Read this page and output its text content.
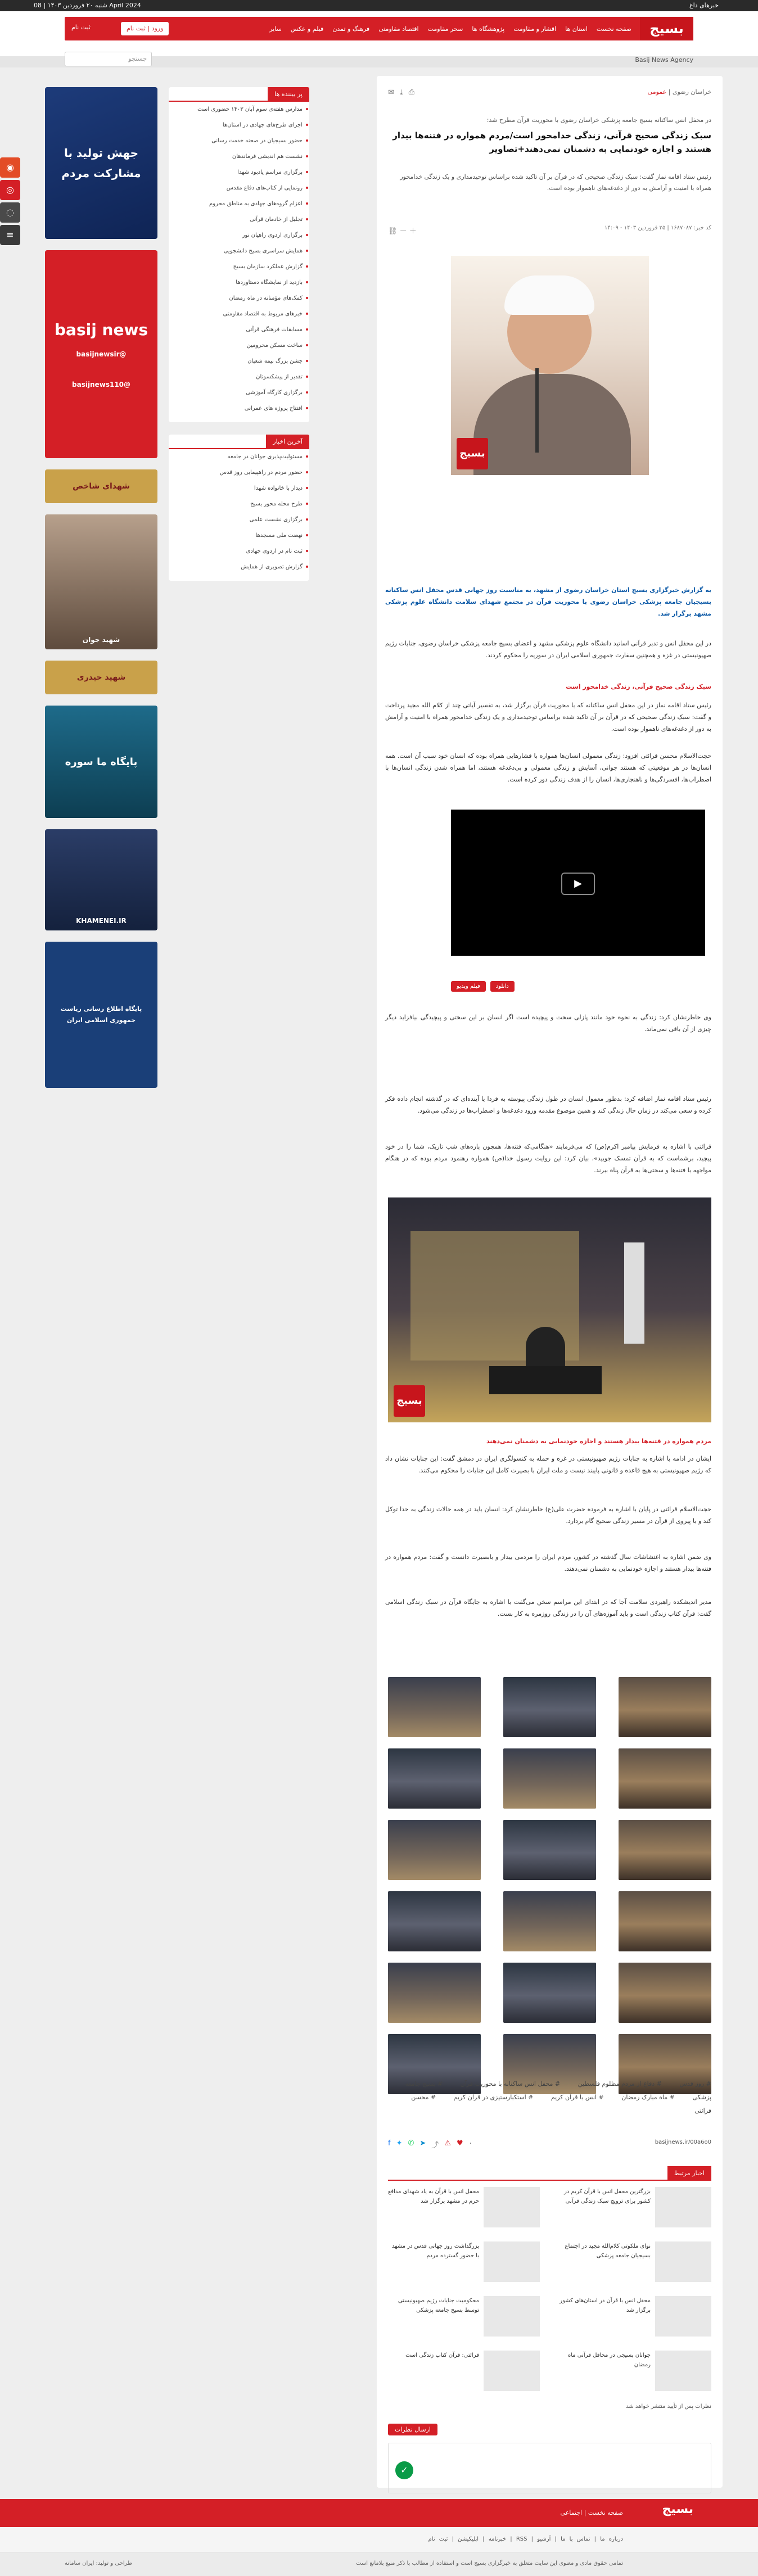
خبرهای داغ
شنبه ۲۰ فروردین ۱۴۰۳ | 08 April 2024
بسیج
صفحه نخست
استان ها
اقشار و مقاومت
پژوهشگاه ها
سحر مقاومت
اقتصاد مقاومتی
فرهنگ و تمدن
فیلم و عکس
سایر
ورود | ثبت نام
ثبت نام
جستجو	Basij News Agency
◉
◎
◌
≡
جهش تولید با مشارکت مردم
basij news
@basijnewsir
@basijnews110
شهدای شاخص
شهید جوان
شهید حیدری
پایگاه ما سوره
KHAMENEI.IR
پایگاه اطلاع رسانی ریاست جمهوری اسلامی ایران
پر بیننده ها
مدارس هفته‌ی سوم آبان ۱۴۰۳ حضوری است
اجرای طرح‌های جهادی در استان‌ها
حضور بسیجیان در صحنه خدمت رسانی
نشست هم اندیشی فرماندهان
برگزاری مراسم یادبود شهدا
رونمایی از کتاب‌های دفاع مقدس
اعزام گروه‌های جهادی به مناطق محروم
تجلیل از خادمان قرآنی
برگزاری اردوی راهیان نور
همایش سراسری بسیج دانشجویی
گزارش عملکرد سازمان بسیج
بازدید از نمایشگاه دستاوردها
کمک‌های مؤمنانه در ماه رمضان
خبرهای مربوط به اقتصاد مقاومتی
مسابقات فرهنگی قرآنی
ساخت مسکن محرومین
جشن بزرگ نیمه شعبان
تقدیر از پیشکسوتان
برگزاری کارگاه آموزشی
افتتاح پروژه های عمرانی
آخرین اخبار
مسئولیت‌پذیری جوانان در جامعه
حضور مردم در راهپیمایی روز قدس
دیدار با خانواده شهدا
طرح محله محور بسیج
برگزاری نشست علمی
نهضت ملی مسجد‌ها
ثبت نام در اردوی جهادی
گزارش تصویری از همایش
خراسان رضوی | عمومی
⎙
⤓
✉
در محفل انس ساکنانه بسیج جامعه پزشکی خراسان رضوی با محوریت قرآن مطرح شد:
سبک زندگی صحیح قرآنی، زندگی خدامحور است/مردم همواره در فتنه‌ها بیدار هستند و اجازه خودنمایی به دشمنان نمی‌دهند+تصاویر
رئیس ستاد اقامه نماز گفت: سبک زندگی صحیحی که در قرآن بر آن تاکید شده براساس توحیدمداری و یک زندگی خدامحور همراه با امنیت و آرامش به دور از دغدغه‌های ناهموار بوده است.
کد خبر: ۱۶۸۷۰۸۷ | ۲۵ فروردین ۱۴۰۳ - ۱۴:۰۹
＋ － ⛓
بسیج
به گزارش خبرگزاری بسیج استان خراسان رضوی از مشهد، به مناسبت روز جهانی قدس محفل انس ساکنانه بسیجیان جامعه پزشکی خراسان رضوی با محوریت قرآن در مجتمع شهدای سلامت دانشگاه علوم پزشکی مشهد برگزار شد.
در این محفل انس و تدبر قرآنی اساتید دانشگاه علوم پزشکی مشهد و اعضای بسیج جامعه پزشکی خراسان رضوی، جنایات رژیم صهیونیستی در غزه و همچنین سفارت جمهوری اسلامی ایران در سوریه را محکوم کردند.
سبک زندگی صحیح قرآنی، زندگی خدامحور است
رئیس ستاد اقامه نماز در این محفل انس ساکنانه که با محوریت قرآن برگزار شد، به تفسیر آیاتی چند از کلام الله مجید پرداخت و گفت: سبک زندگی صحیحی که در قرآن بر آن تاکید شده براساس توحیدمداری و یک زندگی خدامحور همراه با امنیت و آرامش به دور از دغدغه‌های ناهموار بوده است.
حجت‌الاسلام محسن قرائتی افزود: زندگی معمولی انسان‌ها همواره با فشارهایی همراه بوده که انسان خود سبب آن است. همه انسان‌ها در هر موقعیتی که هستند جوانی، آسایش و زندگی معمولی و بی‌دغدغه هستند، اما همراه شدن زندگی انسان‌ها با اضطراب‌ها، افسردگی‌ها و ناهنجاری‌ها، انسان را از هدف زندگی دور کرده است.
▶
دانلود
فیلم ویدیو
وی خاطرنشان کرد: زندگی به نحوه خود مانند پازلی سخت و پیچیده است اگر انسان بر این سختی و پیچیدگی بیافزاید دیگر چیزی از آن باقی نمی‌ماند.
رئیس ستاد اقامه نماز اضافه کرد: بدطور معمول انسان در طول زندگی پیوسته به فردا یا آینده‌ای که در گذشته انجام داده فکر کرده و سعی می‌کند در زمان حال زندگی کند و همین موضوع مقدمه ورود دغدغه‌ها و اضطراب‌ها در زندگی می‌شود.
قرائتی با اشاره به فرمایش پیامبر اکرم(ص) که می‌فرمایند «هنگامی‌که فتنه‌ها، همچون پاره‌های شب تاریک، شما را در خود پیچید، برشماست که به قرآن تمسک جویید»، بیان کرد: این روایت رسول خدا(ص) همواره رهنمود مردم بوده که در هنگام مواجهه با فتنه‌ها و سختی‌ها به قرآن پناه ببرند.
بسیج
مردم همواره در فتنه‌ها بیدار هستند و اجازه خودنمایی به دشمنان نمی‌دهند
ایشان در ادامه با اشاره به جنایات رژیم صهیونیستی در غزه و حمله به کنسولگری ایران در دمشق گفت: این جنایات نشان داد که رژیم صهیونیستی به هیچ قاعده و قانونی پایبند نیست و ملت ایران با بصیرت کامل این جنایات را محکوم می‌کنند.
حجت‌الاسلام قرائتی در پایان با اشاره به فرموده حضرت علی(ع) خاطرنشان کرد: انسان باید در همه حالات زندگی به خدا توکل کند و با پیروی از قرآن در مسیر زندگی صحیح گام بردارد.
وی ضمن اشاره به اغتشاشات سال گذشته در کشور، مردم ایران را مردمی بیدار و بابصیرت دانست و گفت: مردم همواره در فتنه‌ها بیدار هستند و اجازه خودنمایی به دشمنان نمی‌دهند.
مدیر اندیشکده راهبردی سلامت آجا که در ابتدای این مراسم سخن می‌گفت با اشاره به جایگاه قرآن در سبک زندگی اسلامی گفت: قرآن کتاب زندگی است و باید آموزه‌های آن را در زندگی روزمره به کار بست.
# روز قدس # دفاع از مردم مظلوم فلسطین # محفل انس ساکنانه با محوریت قرآن # بسیج جامعه پزشکی # ماه مبارک رمضان # انس با قرآن کریم # استکبارستیزی در قرآن کریم # محسن قرائتی
f ✦ ✆ ➤ ⤴ ⚠ ♥ ۰	basijnews.ir/00a6o0
اخبار مرتبط
بزرگترین محفل انس با قرآن کریم در کشور برای ترویج سبک زندگی قرآنی
محفل انس با قرآن به یاد شهدای مدافع حرم در مشهد برگزار شد
نوای ملکوتی کلام‌الله مجید در اجتماع بسیجیان جامعه پزشکی
بزرگداشت روز جهانی قدس در مشهد با حضور گسترده مردم
محفل انس با قرآن در استان‌های کشور برگزار شد
محکومیت جنایات رژیم صهیونیستی توسط بسیج جامعه پزشکی
جوانان بسیجی در محافل قرآنی ماه رمضان
قرائتی: قرآن کتاب زندگی است
نظرات پس از تأیید منتشر خواهد شد
ارسال نظرات
✓
بسیج
صفحه نخست | اجتماعی
درباره ما | تماس با ما | آرشیو | RSS | خبرنامه | اپلیکیشن | ثبت نام
تمامی حقوق مادی و معنوی این سایت متعلق به خبرگزاری بسیج است و استفاده از مطالب با ذکر منبع بلامانع است
طراحی و تولید: ایران سامانه
